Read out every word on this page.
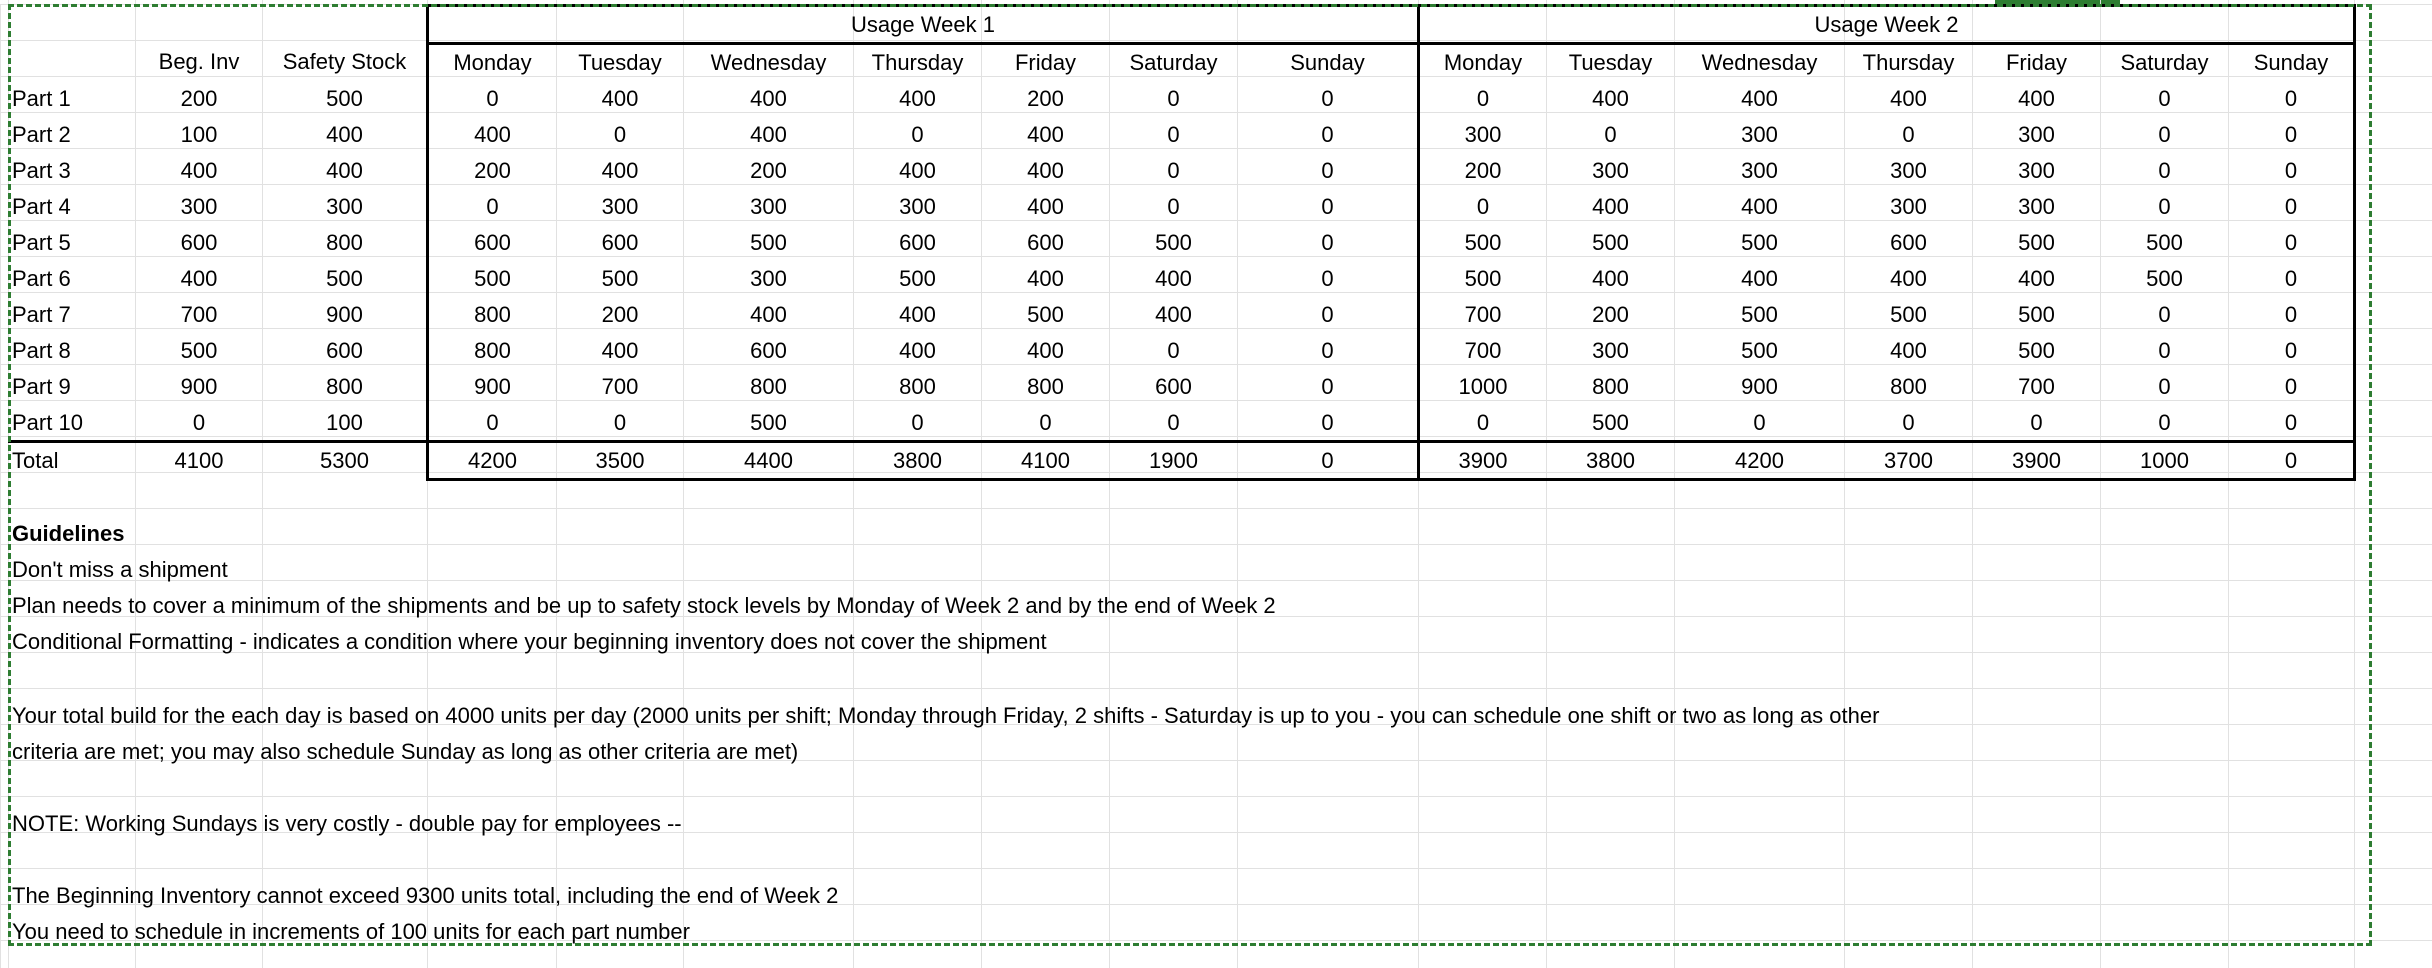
			Usage Week 1							Usage Week 2						
	Beg. Inv	Safety Stock	Monday	Tuesday	Wednesday	Thursday	Friday	Saturday	Sunday	Monday	Tuesday	Wednesday	Thursday	Friday	Saturday	Sunday
Part 1	200	500	0	400	400	400	200	0	0	0	400	400	400	400	0	0
Part 2	100	400	400	0	400	0	400	0	0	300	0	300	0	300	0	0
Part 3	400	400	200	400	200	400	400	0	0	200	300	300	300	300	0	0
Part 4	300	300	0	300	300	300	400	0	0	0	400	400	300	300	0	0
Part 5	600	800	600	600	500	600	600	500	0	500	500	500	600	500	500	0
Part 6	400	500	500	500	300	500	400	400	0	500	400	400	400	400	500	0
Part 7	700	900	800	200	400	400	500	400	0	700	200	500	500	500	0	0
Part 8	500	600	800	400	600	400	400	0	0	700	300	500	400	500	0	0
Part 9	900	800	900	700	800	800	800	600	0	1000	800	900	800	700	0	0
Part 10	0	100	0	0	500	0	0	0	0	0	500	0	0	0	0	0
Total	4100	5300	4200	3500	4400	3800	4100	1900	0	3900	3800	4200	3700	3900	1000	0
Guidelines
Don't miss a shipment
Plan needs to cover a minimum of the shipments and be up to safety stock levels by Monday of Week 2 and by the end of Week 2
Conditional Formatting - indicates a condition where your beginning inventory does not cover the shipment
Your total build for the each day is based on 4000 units per day (2000 units per shift; Monday through Friday, 2 shifts - Saturday is up to you - you can schedule one shift or two as long as other
criteria are met; you may also schedule Sunday as long as other criteria are met)
NOTE: Working Sundays is very costly - double pay for employees --
The Beginning Inventory cannot exceed 9300 units total, including the end of Week 2
You need to schedule in increments of 100 units for each part number
